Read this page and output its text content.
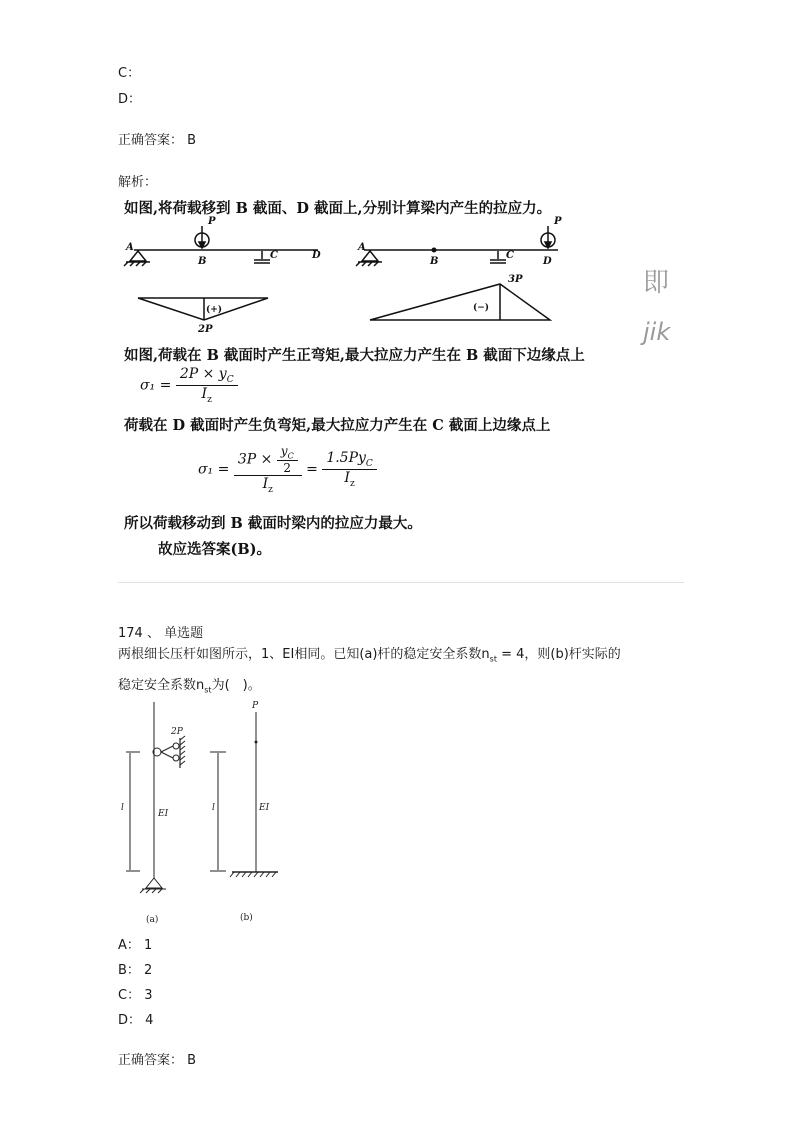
C：
D：
正确答案： B
解析：
如图,将荷载移到 B 截面、D 截面上,分别计算梁内产生的拉应力。
A
B
C	D
P
A
B
C
D
P
(+)
2P
(−)
3P
如图,荷载在 B 截面时产生正弯矩,最大拉应力产生在 B 截面下边缘点上
$\sigma_1 = \frac{2P \times y_C}{I_z}$
荷载在 D 截面时产生负弯矩,最大拉应力产生在 C 截面上边缘点上
$\sigma_1 = \frac{3P \times \frac{y_C}{2}}{I_z} = \frac{1.5Py_C}{I_z}$
所以荷载移动到 B 截面时梁内的拉应力最大。
故应选答案(B)。
即
jik
174 、 单选题
两根细长压杆如图所示，1、EI相同。已知(a)杆的稳定安全系数$n_{st} = 4$，则(b)杆实际的
稳定安全系数$n_{st}$为(　)。
2P
P
l
EI
l	EI
(a)	(b)
A： 1
B： 2
C： 3
D： 4
正确答案： B
